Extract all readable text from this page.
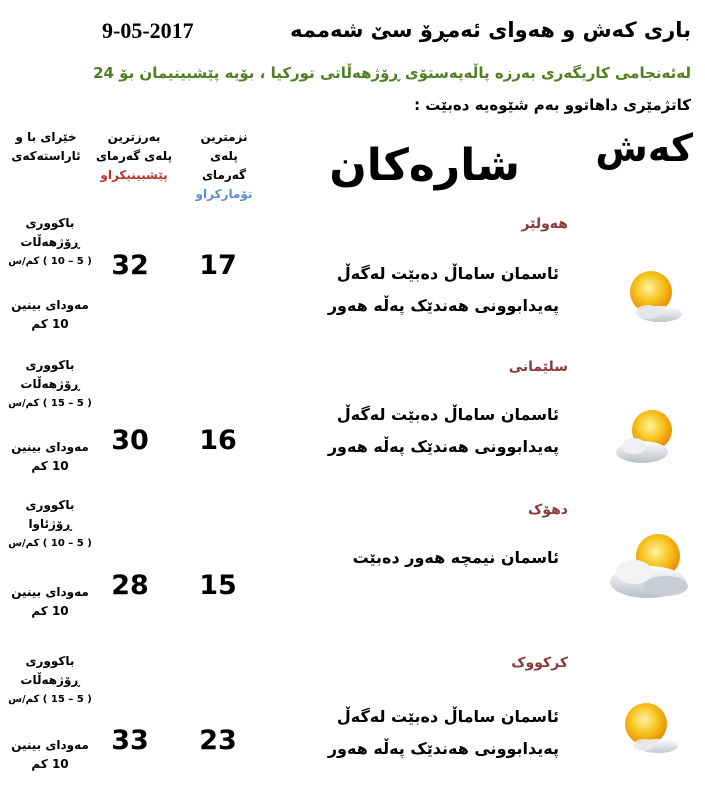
باری کەش و هەوای ئەمڕۆ سێ شەممە
9-05-2017
لەئەنجامی کاریگەری بەرزە پاڵەپەستۆی ڕۆژهەڵاتی تورکیا ، بۆیە پێشبینیمان بۆ 24
کاتژمێری داهاتوو بەم شێوەیە دەبێت :
کەش
شارەکان
نزمترین پلەی
گەرمای
تۆمارکراو
بەرزترین
پلەی گەرمای
پێشبینیکراو
خێرای با و
ئاراستەکەی
هەولێر
ئاسمان ساماڵ دەبێت لەگەڵ
پەیدابوونی هەندێک پەڵە هەور
17
32
باکووری
ڕۆژهەڵات
( 5 – 10 ) کم/س
مەودای بینین
10 کم
سلێمانی
ئاسمان ساماڵ دەبێت لەگەڵ
پەیدابوونی هەندێک پەڵە هەور
16
30
باکووری
ڕۆژهەڵات
( 5 – 15 ) کم/س
مەودای بینین
10 کم
دهۆک
ئاسمان نیمچە هەور دەبێت
15
28
باکووری
ڕۆژئاوا
( 5 – 10 ) کم/س
مەودای بینین
10 کم
کرکووک
ئاسمان ساماڵ دەبێت لەگەڵ
پەیدابوونی هەندێک پەڵە هەور
23
33
باکووری
ڕۆژهەڵات
( 5 – 15 ) کم/س
مەودای بینین
10 کم
